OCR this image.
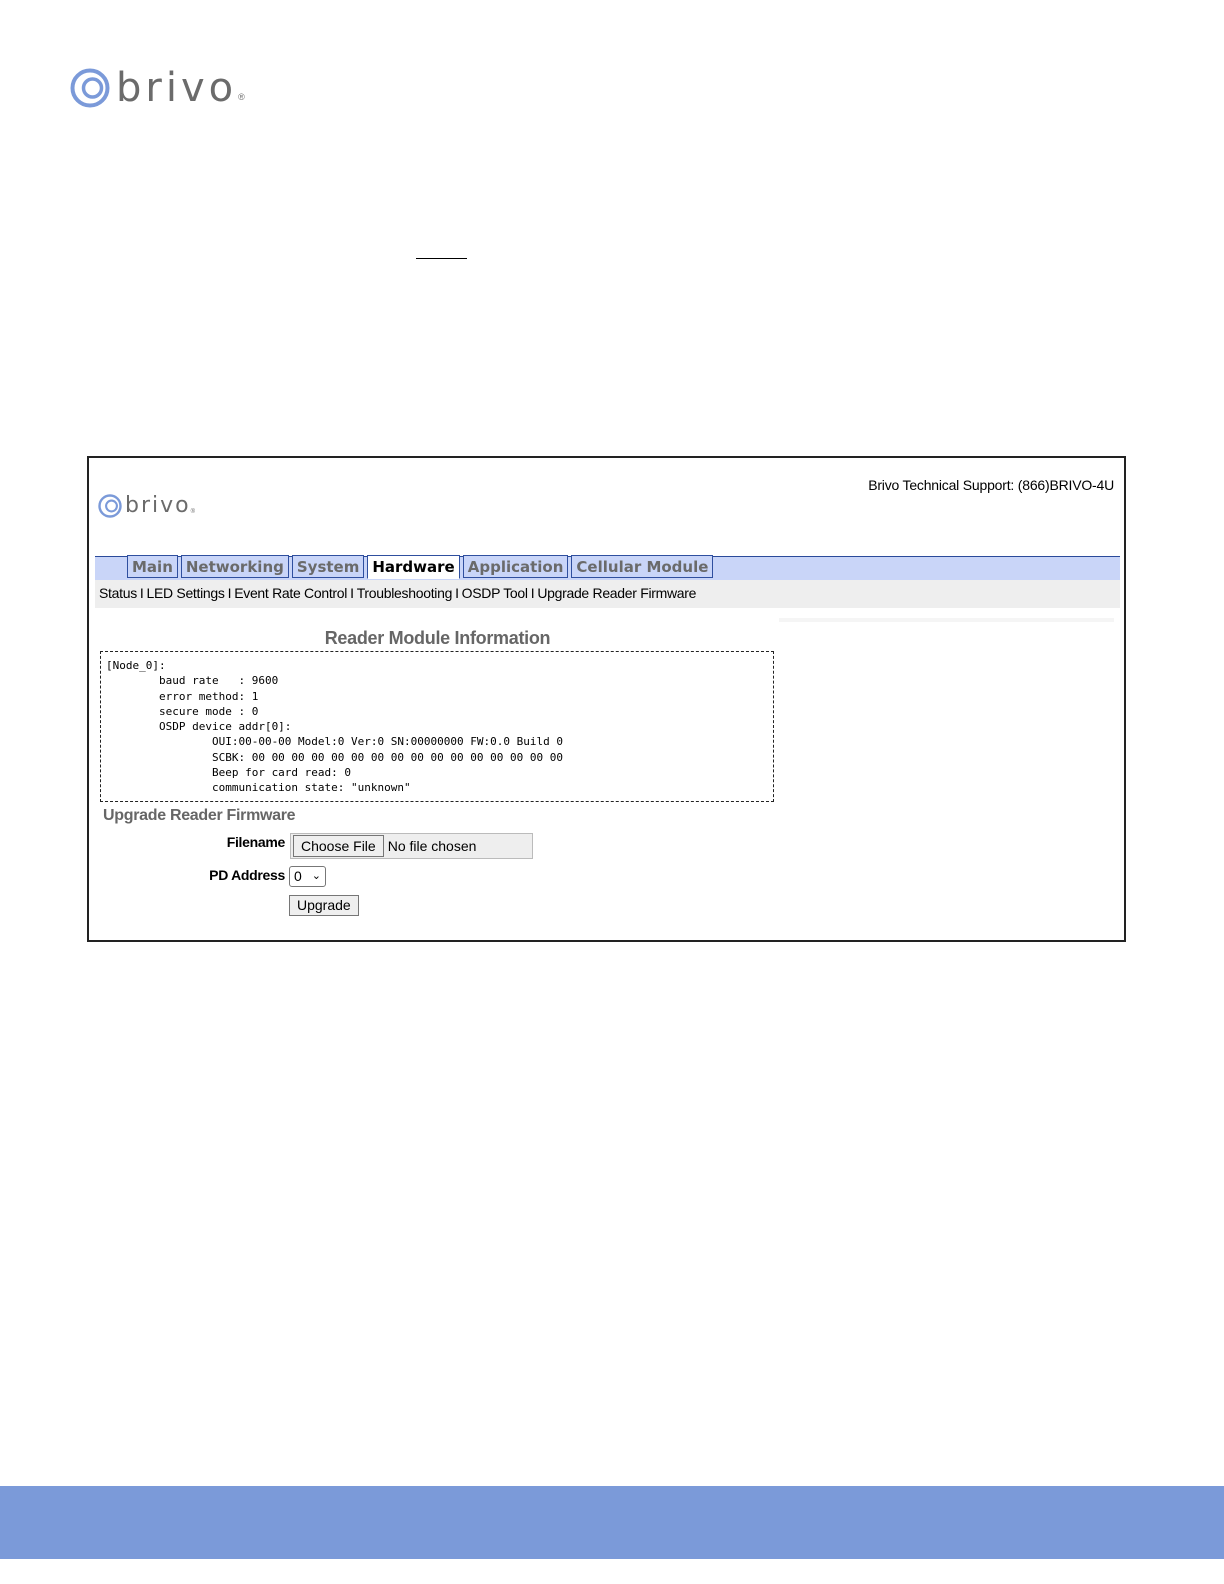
brivo ®
Brivo Technical Support: (866)BRIVO-4U
brivo ®
Main Networking System Hardware Application Cellular Module
Status I LED Settings I Event Rate Control I Troubleshooting I OSDP Tool I Upgrade Reader Firmware
Reader Module Information
[Node_0]:
baud rate   : 9600
error method: 1
secure mode : 0
OSDP device addr[0]:
OUI:00-00-00 Model:0 Ver:0 SN:00000000 FW:0.0 Build 0
SCBK: 00 00 00 00 00 00 00 00 00 00 00 00 00 00 00 00
Beep for card read: 0
communication state: "unknown"
Upgrade Reader Firmware
Filename	Choose File No file chosen
PD Address 0 ⌄
Upgrade
